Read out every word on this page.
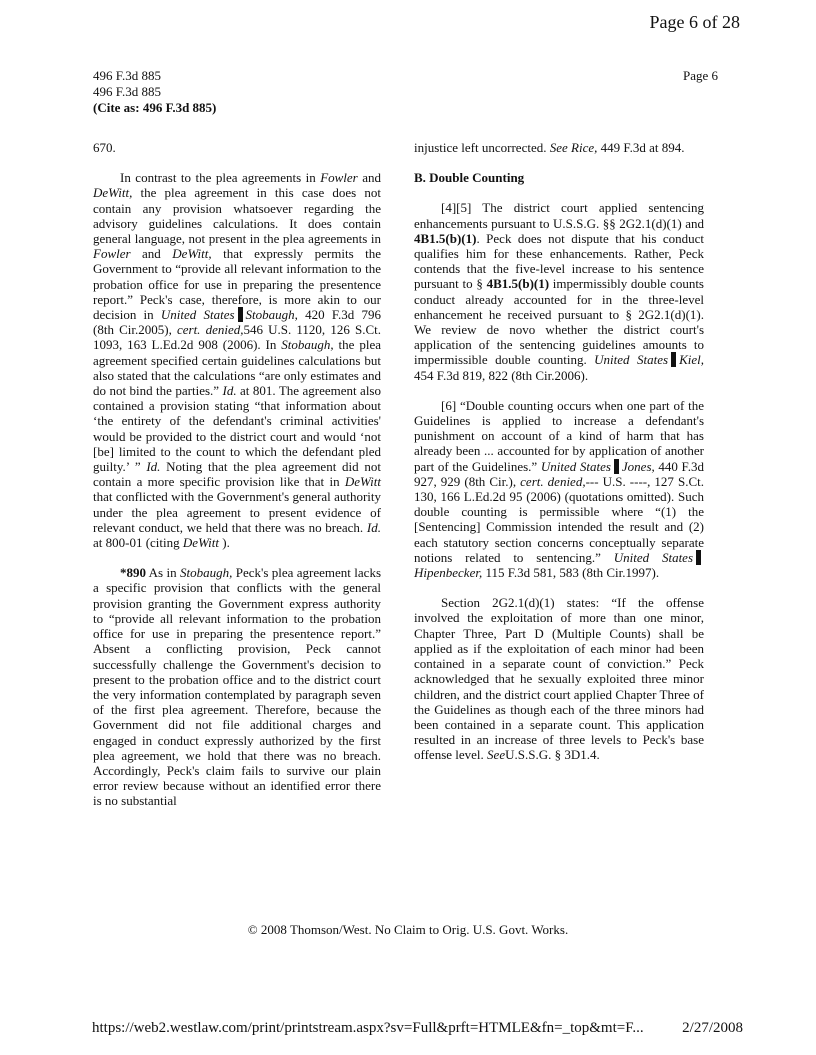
Page 6 of 28
496 F.3d 885
496 F.3d 885
(Cite as: 496 F.3d 885)
Page 6

670.

In contrast to the plea agreements in Fowler and DeWitt, the plea agreement in this case does not contain any provision whatsoever regarding the advisory guidelines calculations. It does contain general language, not present in the plea agreements in Fowler and DeWitt, that expressly permits the Government to “provide all relevant information to the probation office for use in preparing the presentence report.” Peck's case, therefore, is more akin to our decision in United States Stobaugh, 420 F.3d 796 (8th Cir.2005), cert. denied,546 U.S. 1120, 126 S.Ct. 1093, 163 L.Ed.2d 908 (2006). In Stobaugh, the plea agreement specified certain guidelines calculations but also stated that the calculations “are only estimates and do not bind the parties.” Id. at 801. The agreement also contained a provision stating “that information about ‘the entirety of the defendant's criminal activities' would be provided to the district court and would ‘not [be] limited to the count to which the defendant pled guilty.’ ” Id. Noting that the plea agreement did not contain a more specific provision like that in DeWitt that conflicted with the Government's general authority under the plea agreement to present evidence of relevant conduct, we held that there was no breach. Id. at 800-01 (citing DeWitt ).

*890 As in Stobaugh, Peck's plea agreement lacks a specific provision that conflicts with the general provision granting the Government express authority to “provide all relevant information to the probation office for use in preparing the presentence report.” Absent a conflicting provision, Peck cannot successfully challenge the Government's decision to present to the probation office and to the district court the very information contemplated by paragraph seven of the first plea agreement. Therefore, because the Government did not file additional charges and engaged in conduct expressly authorized by the first plea agreement, we hold that there was no breach. Accordingly, Peck's claim fails to survive our plain error review because without an identified error there is no substantial

injustice left uncorrected. See Rice, 449 F.3d at 894.

B. Double Counting

[4][5] The district court applied sentencing enhancements pursuant to U.S.S.G. §§ 2G2.1(d)(1) and 4B1.5(b)(1). Peck does not dispute that his conduct qualifies him for these enhancements. Rather, Peck contends that the five-level increase to his sentence pursuant to § 4B1.5(b)(1) impermissibly double counts conduct already accounted for in the three-level enhancement he received pursuant to § 2G2.1(d)(1). We review de novo whether the district court's application of the sentencing guidelines amounts to impermissible double counting. United States Kiel, 454 F.3d 819, 822 (8th Cir.2006).

[6] “Double counting occurs when one part of the Guidelines is applied to increase a defendant's punishment on account of a kind of harm that has already been ... accounted for by application of another part of the Guidelines.” United States Jones, 440 F.3d 927, 929 (8th Cir.), cert. denied,--- U.S. ----, 127 S.Ct. 130, 166 L.Ed.2d 95 (2006) (quotations omitted). Such double counting is permissible where “(1) the [Sentencing] Commission intended the result and (2) each statutory section concerns conceptually separate notions related to sentencing.” United StatesHipenbecker, 115 F.3d 581, 583 (8th Cir.1997).

Section 2G2.1(d)(1) states: “If the offense involved the exploitation of more than one minor, Chapter Three, Part D (Multiple Counts) shall be applied as if the exploitation of each minor had been contained in a separate count of conviction.” Peck acknowledged that he sexually exploited three minor children, and the district court applied Chapter Three of the Guidelines as though each of the three minors had been contained in a separate count. This application resulted in an increase of three levels to Peck's base offense level. SeeU.S.S.G. § 3D1.4.

© 2008 Thomson/West. No Claim to Orig. U.S. Govt. Works.
https://web2.westlaw.com/print/printstream.aspx?sv=Full&prft=HTMLE&fn=_top&mt=F...	2/27/2008
